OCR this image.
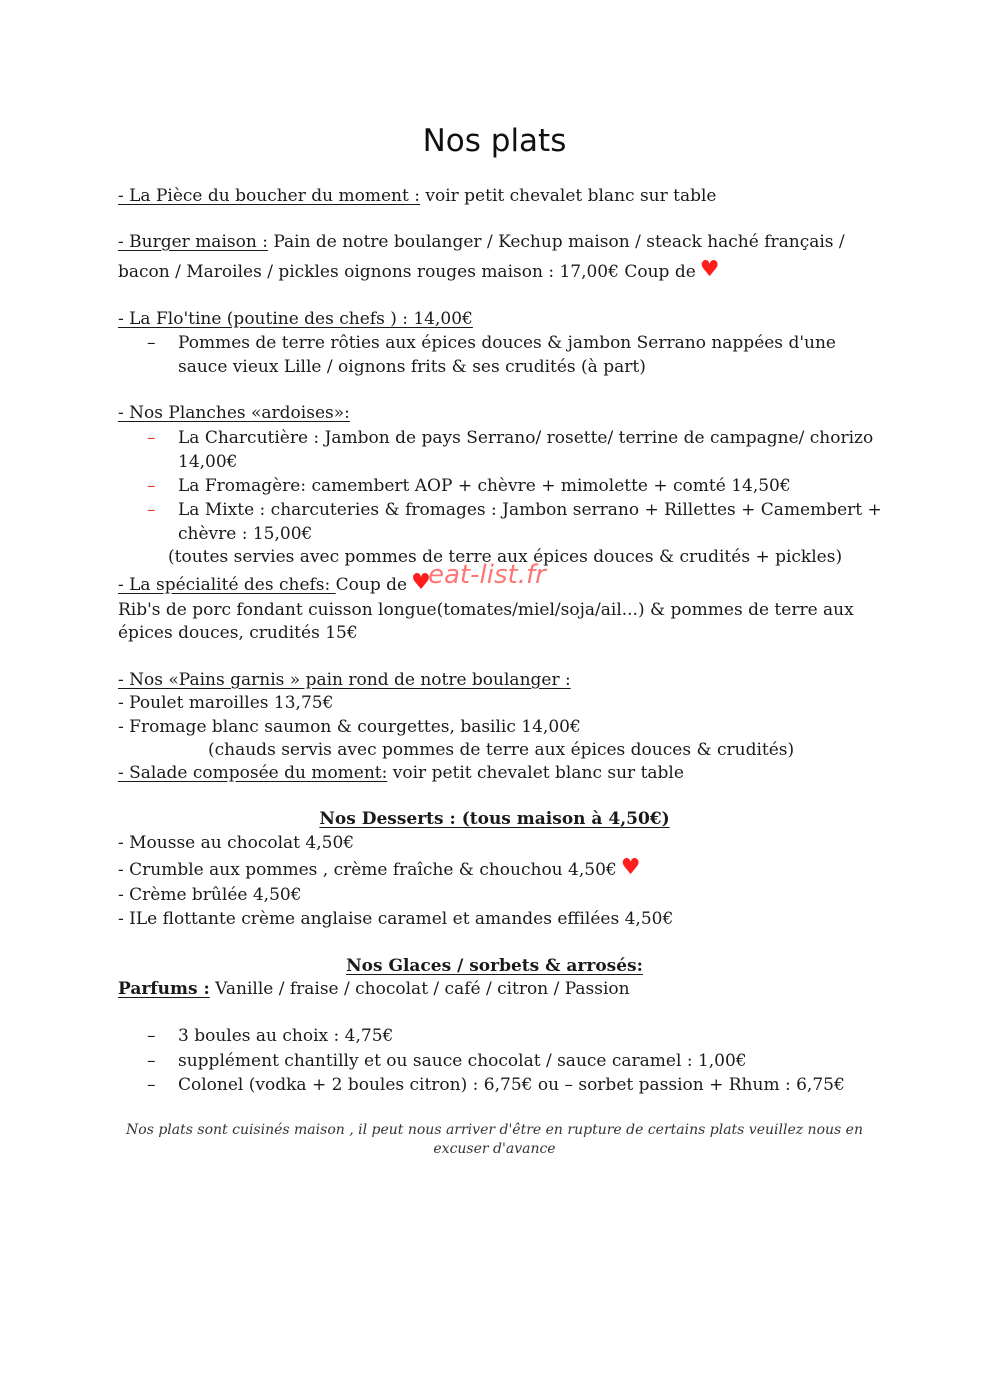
Nos plats
- La Pièce du boucher du moment : voir petit chevalet blanc sur table
- Burger maison : Pain de notre boulanger / Kechup maison / steack haché français /
bacon / Maroiles / pickles oignons rouges maison : 17,00€ Coup de ♥
- La Flo'tine (poutine des chefs ) : 14,00€
–	Pommes de terre rôties aux épices douces & jambon Serrano nappées d'une
sauce vieux Lille / oignons frits & ses crudités (à part)
- Nos Planches «ardoises»:
–	La Charcutière : Jambon de pays Serrano/ rosette/ terrine de campagne/ chorizo
14,00€
–	La Fromagère: camembert AOP + chèvre + mimolette + comté 14,50€
–	La Mixte : charcuteries & fromages : Jambon serrano + Rillettes + Camembert +
chèvre : 15,00€
(toutes servies avec pommes de terre aux épices douces & crudités + pickles)
- La spécialité des chefs: Coup de ♥
eat-list.fr
Rib's de porc fondant cuisson longue(tomates/miel/soja/ail...) & pommes de terre aux
épices douces, crudités 15€
- Nos «Pains garnis » pain rond de notre boulanger :
- Poulet maroilles 13,75€
- Fromage blanc saumon & courgettes, basilic 14,00€
(chauds servis avec pommes de terre aux épices douces & crudités)
- Salade composée du moment: voir petit chevalet blanc sur table
Nos Desserts : (tous maison à 4,50€)
- Mousse au chocolat 4,50€
- Crumble aux pommes , crème fraîche & chouchou 4,50€ ♥
- Crème brûlée 4,50€
- ILe flottante crème anglaise caramel et amandes effilées 4,50€
Nos Glaces / sorbets & arrosés:
Parfums : Vanille / fraise / chocolat / café / citron / Passion
–	3 boules au choix : 4,75€
–	supplément chantilly et ou sauce chocolat / sauce caramel : 1,00€
–	Colonel (vodka + 2 boules citron) : 6,75€ ou – sorbet passion + Rhum : 6,75€
Nos plats sont cuisinés maison , il peut nous arriver d'être en rupture de certains plats veuillez nous en
excuser d'avance
